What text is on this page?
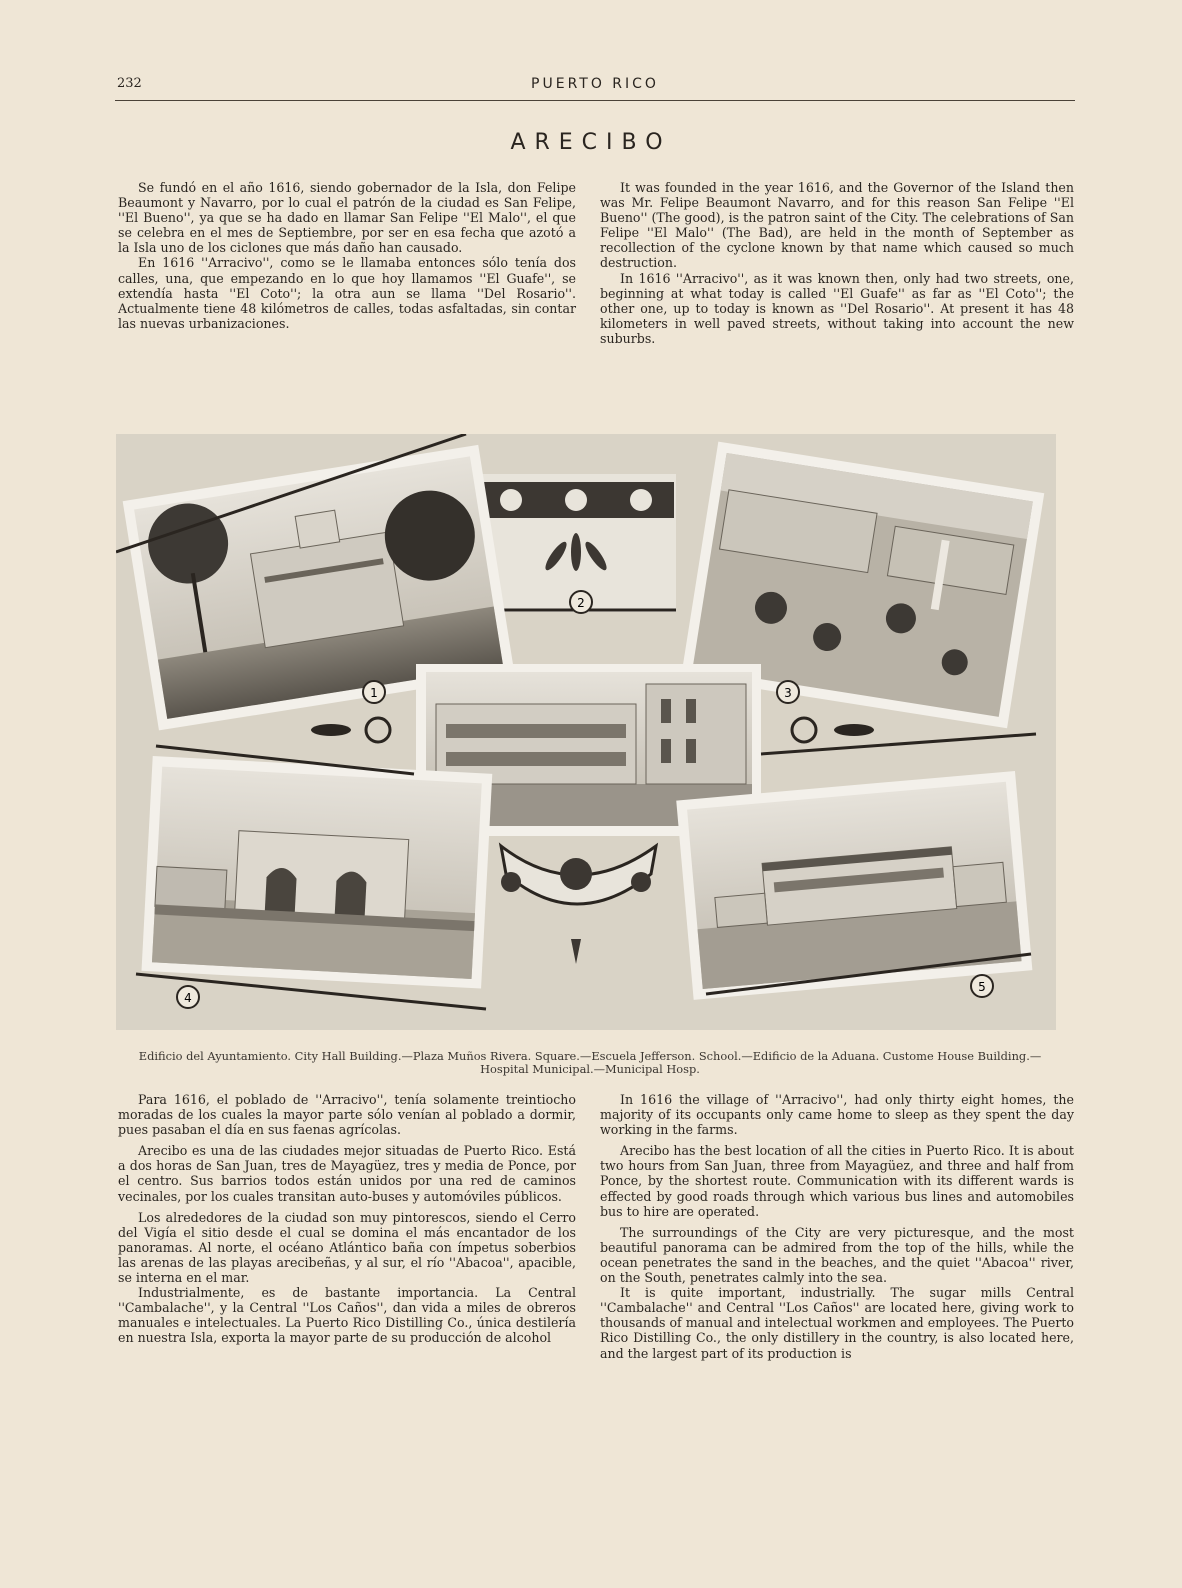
232	PUERTO RICO
ARECIBO

Se fundó en el año 1616, siendo gobernador de la Isla, don Felipe Beaumont y Navarro, por lo cual el patrón de la ciudad es San Felipe, ''El Bueno'', ya que se ha dado en llamar San Felipe ''El Malo'', el que se celebra en el mes de Septiembre, por ser en esa fecha que azotó a la Isla uno de los ciclones que más daño han causado.

En 1616 ''Arracivo'', como se le llamaba entonces sólo tenía dos calles, una, que empezando en lo que hoy llamamos ''El Guafe'', se extendía hasta ''El Coto''; la otra aun se llama ''Del Rosario''. Actualmente tiene 48 kilómetros de calles, todas asfaltadas, sin contar las nuevas urbanizaciones.

It was founded in the year 1616, and the Governor of the Island then was Mr. Felipe Beaumont Navarro, and for this reason San Felipe ''El Bueno'' (The good), is the patron saint of the City. The celebrations of San Felipe ''El Malo'' (The Bad), are held in the month of September as recollection of the cyclone known by that name which caused so much destruction.

In 1616 ''Arracivo'', as it was known then, only had two streets, one, beginning at what today is called ''El Guafe'' as far as ''El Coto''; the other one, up to today is known as ''Del Rosario''. At present it has 48 kilometers in well paved streets, without taking into account the new suburbs.

1
2
3
4
5

Edificio del Ayuntamiento. City Hall Building.—Plaza Muños Rivera. Square.—Escuela Jefferson. School.—Edificio de la Aduana. Custome House Building.—Hospital Municipal.—Municipal Hosp.

Para 1616, el poblado de ''Arracivo'', tenía solamente treintiocho moradas de los cuales la mayor parte sólo venían al poblado a dormir, pues pasaban el día en sus faenas agrícolas.

Arecibo es una de las ciudades mejor situadas de Puerto Rico. Está a dos horas de San Juan, tres de Mayagüez, tres y media de Ponce, por el centro. Sus barrios todos están unidos por una red de caminos vecinales, por los cuales transitan auto-buses y automóviles públicos.

Los alrededores de la ciudad son muy pintorescos, siendo el Cerro del Vigía el sitio desde el cual se domina el más encantador de los panoramas. Al norte, el océano Atlántico baña con ímpetus soberbios las arenas de las playas arecibeñas, y al sur, el río ''Abacoa'', apacible, se interna en el mar.

Industrialmente, es de bastante importancia. La Central ''Cambalache'', y la Central ''Los Caños'', dan vida a miles de obreros manuales e intelectuales. La Puerto Rico Distilling Co., única destilería en nuestra Isla, exporta la mayor parte de su producción de alcohol

In 1616 the village of ''Arracivo'', had only thirty eight homes, the majority of its occupants only came home to sleep as they spent the day working in the farms.

Arecibo has the best location of all the cities in Puerto Rico. It is about two hours from San Juan, three from Mayagüez, and three and half from Ponce, by the shortest route. Communication with its different wards is effected by good roads through which various bus lines and automobiles bus to hire are operated.

The surroundings of the City are very picturesque, and the most beautiful panorama can be admired from the top of the hills, while the ocean penetrates the sand in the beaches, and the quiet ''Abacoa'' river, on the South, penetrates calmly into the sea.

It is quite important, industrially. The sugar mills Central ''Cambalache'' and Central ''Los Caños'' are located here, giving work to thousands of manual and intelectual workmen and employees. The Puerto Rico Distilling Co., the only distillery in the country, is also located here, and the largest part of its production is
